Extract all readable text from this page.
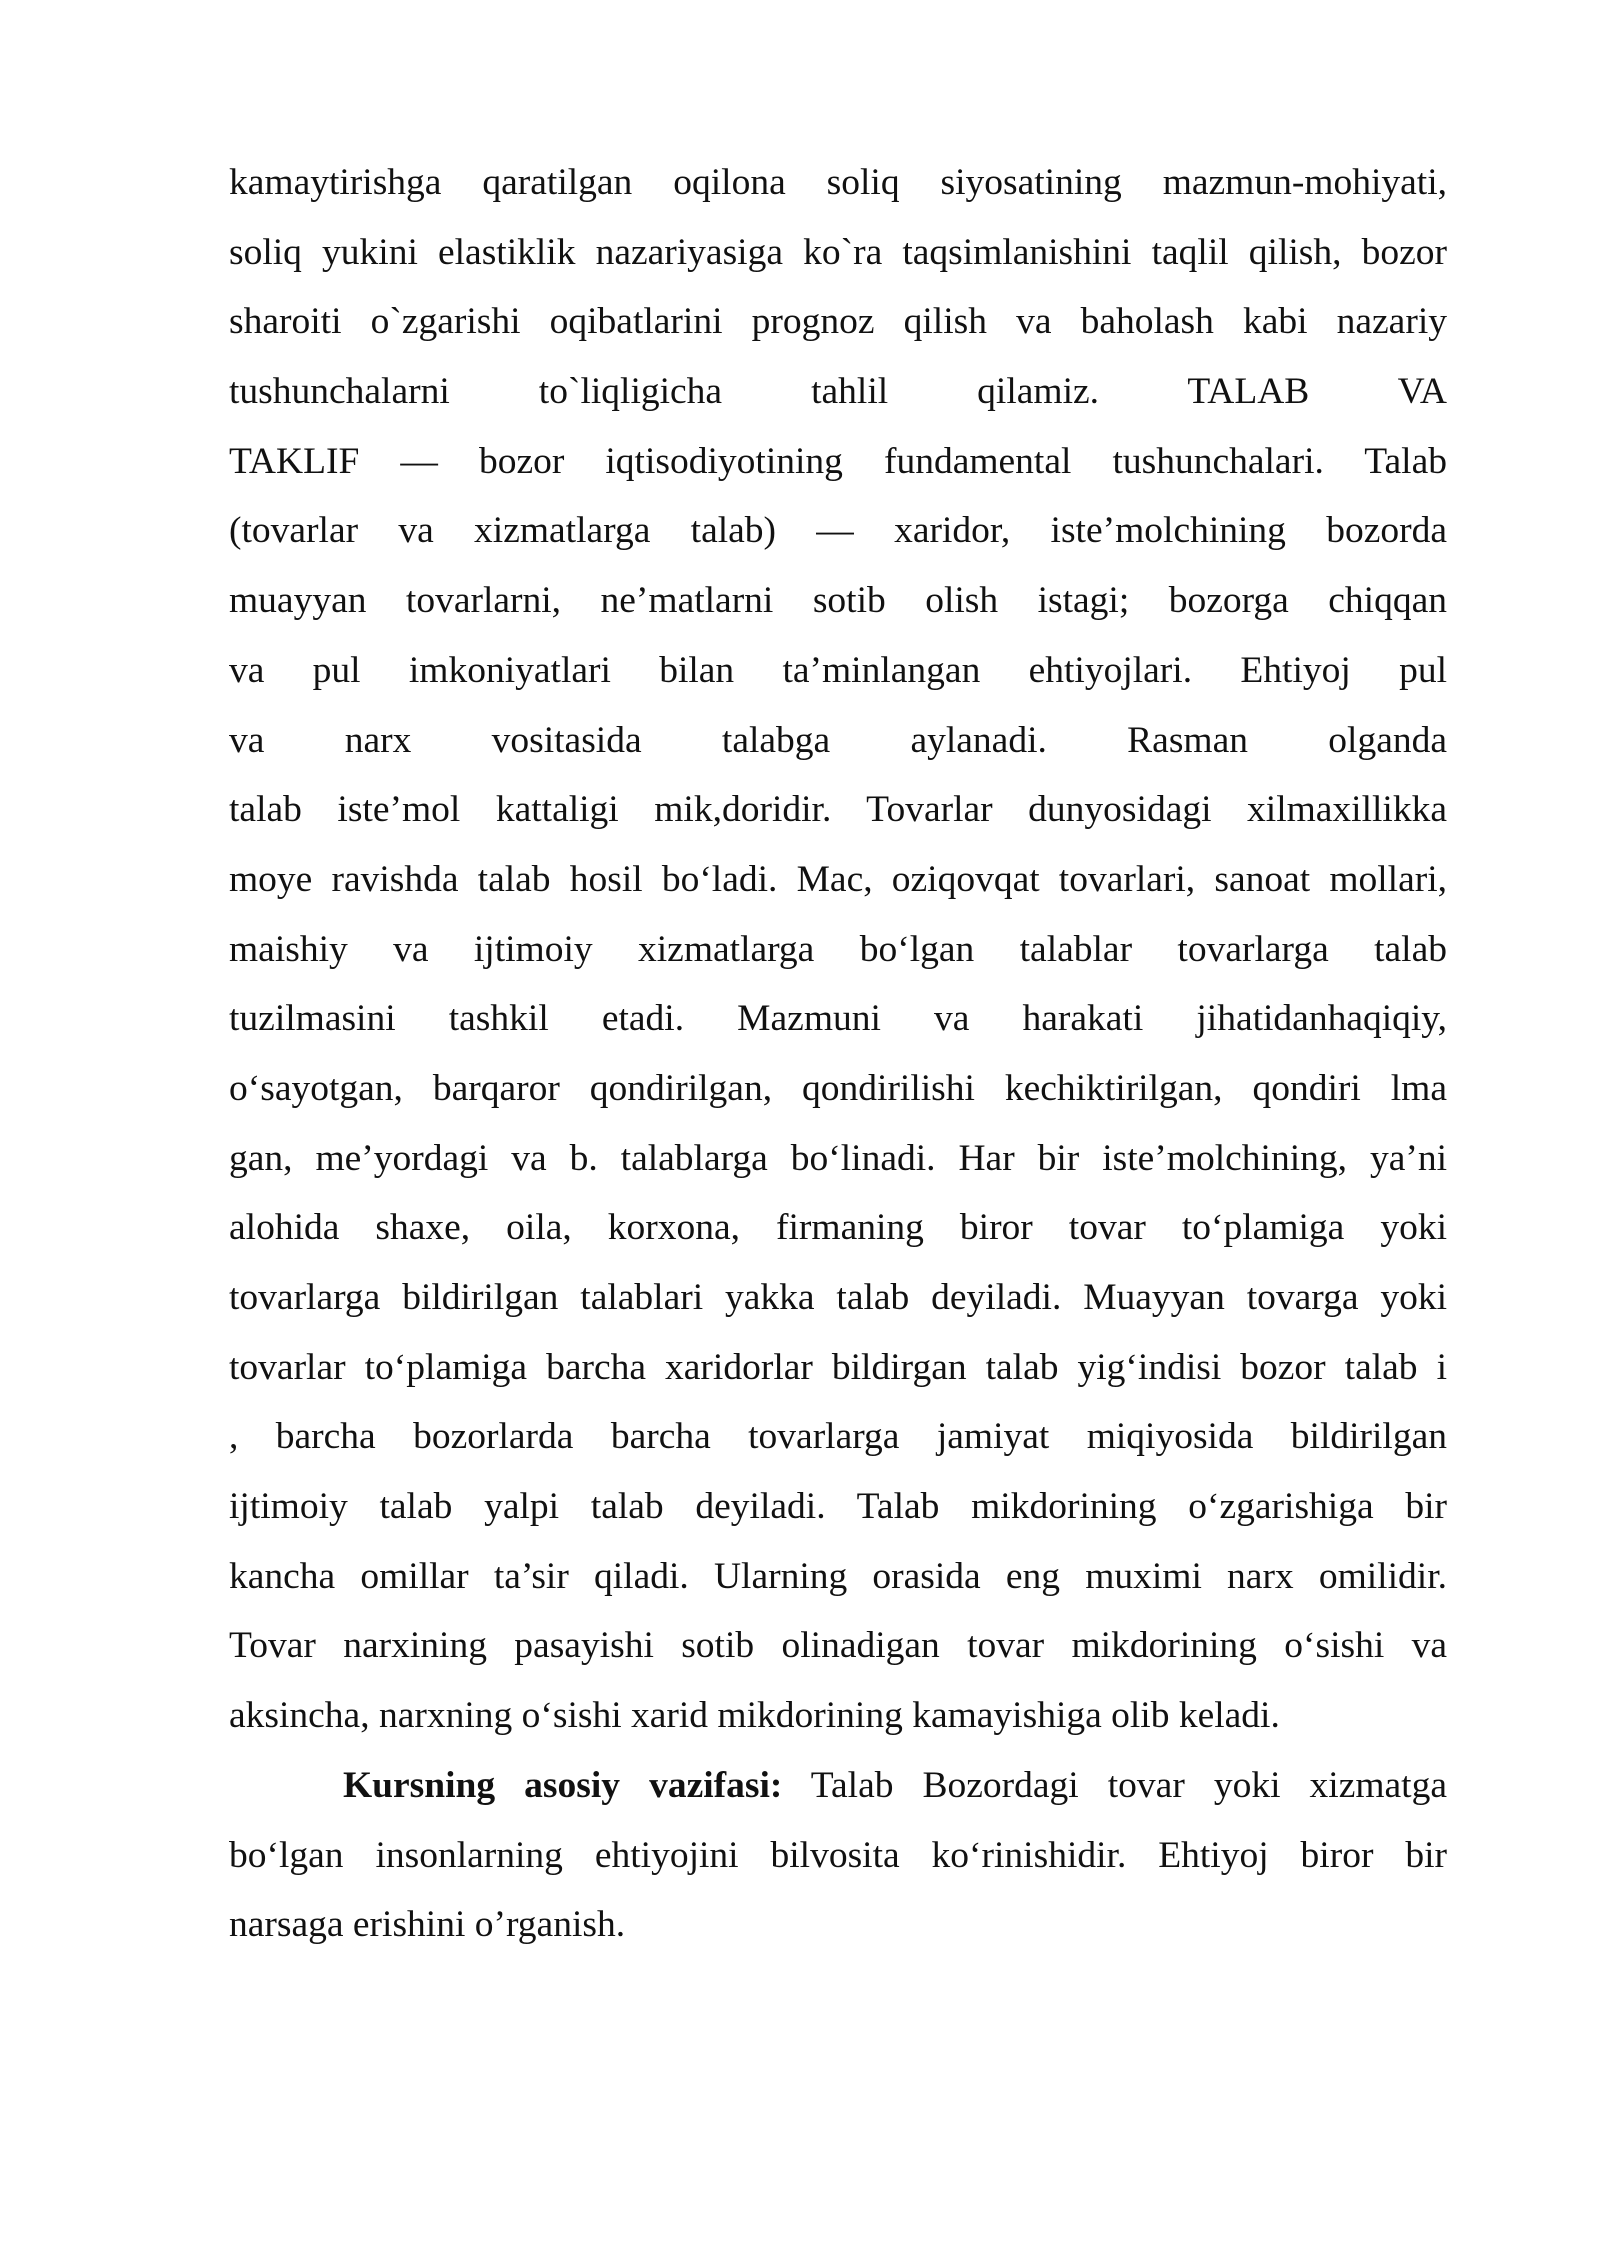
kamaytirishga qaratilgan oqilona soliq siyosatining mazmun-mohiyati,
soliq yukini elastiklik nazariyasiga ko`ra taqsimlanishini taqlil qilish, bozor
sharoiti o`zgarishi oqibatlarini prognoz qilish va baholash kabi nazariy
tushunchalarni to`liqligicha tahlil qilamiz. TALAB VA
TAKLIF — bozor iqtisodiyotining fundamental tushunchalari. Talab
(tovarlar va xizmatlarga talab) — xaridor, iste’molchining bozorda
muayyan tovarlarni, ne’matlarni sotib olish istagi; bozorga chiqqan
va pul imkoniyatlari bilan ta’minlangan ehtiyojlari. Ehtiyoj pul
va narx vositasida talabga aylanadi. Rasman olganda
talab iste’mol kattaligi mik,doridir. Tovarlar dunyosidagi xilmaxillikka
moye ravishda talab hosil bo‘ladi. Mac, oziqovqat tovarlari, sanoat mollari,
maishiy va ijtimoiy xizmatlarga bo‘lgan talablar tovarlarga talab
tuzilmasini tashkil etadi. Mazmuni va harakati jihatidanhaqiqiy,
o‘sayotgan, barqaror qondirilgan, qondirilishi kechiktirilgan, qondiri lma
gan, me’yordagi va b. talablarga bo‘linadi. Har bir iste’molchining, ya’ni
alohida shaxe, oila, korxona, firmaning biror tovar to‘plamiga yoki
tovarlarga bildirilgan talablari yakka talab deyiladi. Muayyan tovarga yoki
tovarlar to‘plamiga barcha xaridorlar bildirgan talab yig‘indisi bozor talab i
, barcha bozorlarda barcha tovarlarga jamiyat miqiyosida bildirilgan
ijtimoiy talab yalpi talab deyiladi. Talab mikdorining o‘zgarishiga bir
kancha omillar ta’sir qiladi. Ularning orasida eng muximi narx omilidir.
Tovar narxining pasayishi sotib olinadigan tovar mikdorining o‘sishi va
aksincha, narxning o‘sishi xarid mikdorining kamayishiga olib keladi.
Kursning asosiy vazifasi: Talab Bozordagi tovar yoki xizmatga
bo‘lgan insonlarning ehtiyojini bilvosita ko‘rinishidir. Ehtiyoj biror bir
narsaga erishini o’rganish.
